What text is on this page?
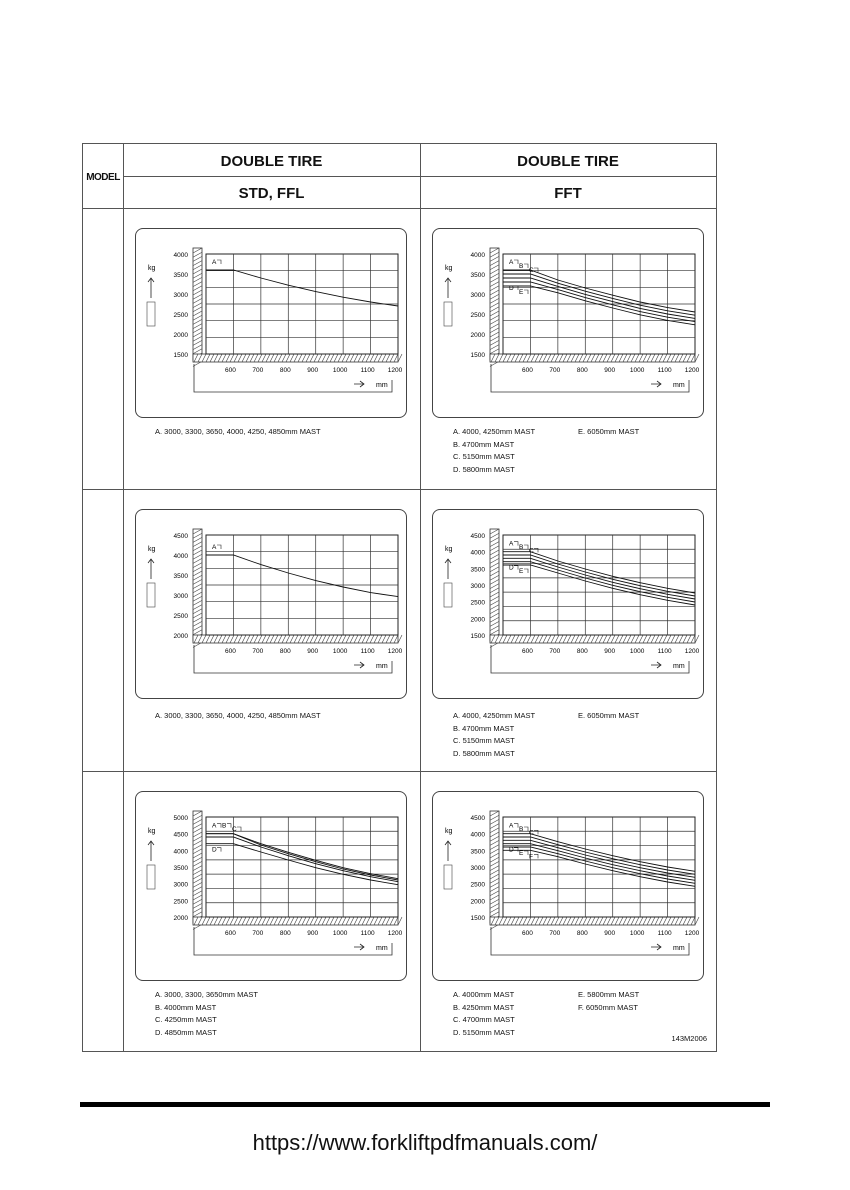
MODEL
DOUBLE TIRE
STD, FFL
DOUBLE TIRE
FFT
4000
3500
3000
2500
2000
1500
600	700	800	900 1000 1100 1200
mm
kg
A
A. 3000, 3300, 3650, 4000, 4250, 4850mm MAST
4000
3500
3000
2500
2000
1500
600	700	800	900 1000 1100 1200
mm
kg
A
B
C
D
E
A. 4000, 4250mm MAST
B. 4700mm MAST
C. 5150mm MAST
D. 5800mm MAST
E. 6050mm MAST
4500
4000
3500
3000
2500
2000
600	700	800	900 1000 1100 1200
mm
kg	A
A. 3000, 3300, 3650, 4000, 4250, 4850mm MAST
4500
4000
3500
3000
2500
2000
1500
600	700	800	900 1000 1100 1200
mm
kg
A B C
D E
A. 4000, 4250mm MAST
B. 4700mm MAST
C. 5150mm MAST
D. 5800mm MAST
E. 6050mm MAST
5000
4500
4000
3500
3000
2500
2000
600	700	800	900 1000 1100 1200
mm
kg
A B C
D
A. 3000, 3300, 3650mm MAST
B. 4000mm MAST
C. 4250mm MAST
D. 4850mm MAST
4500
4000
3500
3000
2500
2000
1500
600	700	800	900 1000 1100 1200
mm
kg
A B C
D E F
A. 4000mm MAST
B. 4250mm MAST
C. 4700mm MAST
D. 5150mm MAST
E. 5800mm MAST
F. 6050mm MAST
143M2006
https://www.forkliftpdfmanuals.com/
